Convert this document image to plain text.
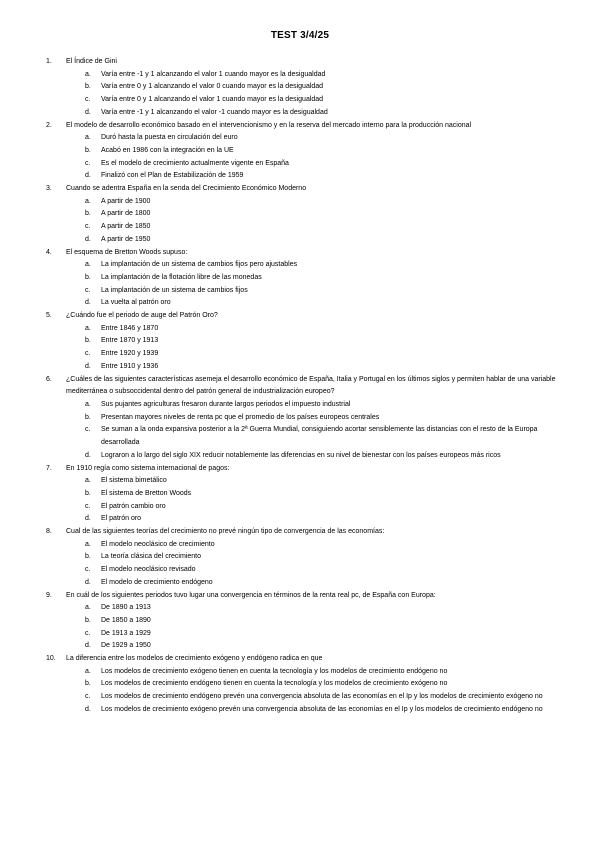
TEST 3/4/25
1.	El Índice de Gini
a.	Varía entre -1 y 1 alcanzando el valor 1 cuando mayor es la desigualdad
b.	Varía entre 0 y 1 alcanzando el valor 0 cuando mayor es la desigualdad
c.	Varía entre 0 y 1 alcanzando el valor 1 cuando mayor es la desigualdad
d.	Varía entre -1 y 1 alcanzando el valor -1 cuando mayor es la desigualdad
2.	El modelo de desarrollo económico basado en el intervencionismo y en la reserva del mercado interno para la producción nacional
a.	Duró hasta la puesta en circulación del euro
b.	Acabó en 1986 con la integración en la UE
c.	Es el modelo de crecimiento actualmente vigente en España
d.	Finalizó con el Plan de Estabilización de 1959
3.	Cuando se adentra España en la senda del Crecimiento Económico Moderno
a.	A partir de 1900
b.	A partir de 1800
c.	A partir de 1850
d.	A partir de 1950
4.	El esquema de Bretton Woods supuso:
a.	La implantación de un sistema de cambios fijos pero ajustables
b.	La implantación de la flotación libre de las monedas
c.	La implantación de un sistema de cambios fijos
d.	La vuelta al patrón oro
5.	¿Cuándo fue el periodo de auge del Patrón Oro?
a.	Entre 1846 y 1870
b.	Entre 1870 y 1913
c.	Entre 1920 y 1939
d.	Entre 1910 y 1936
6.	¿Cuáles de las siguientes características asemeja el desarrollo económico de España, Italia y Portugal en los últimos siglos y permiten hablar de una variable mediterránea o subsoccidental dentro del patrón general de industrialización europeo?
a.	Sus pujantes agriculturas fresaron durante largos periodos el impuesto industrial
b.	Presentan mayores niveles de renta pc que el promedio de los países europeos centrales
c.	Se suman a la onda expansiva posterior a la 2ª Guerra Mundial, consiguiendo acortar sensiblemente las distancias con el resto de la Europa desarrollada
d.	Lograron a lo largo del siglo XIX reducir notablemente las diferencias en su nivel de bienestar con los países europeos más ricos
7.	En 1910 regía como sistema internacional de pagos:
a.	El sistema bimetálico
b.	El sistema de Bretton Woods
c.	El patrón cambio oro
d.	El patrón oro
8.	Cual de las siguientes teorías del crecimiento no prevé ningún tipo de convergencia de las economías:
a.	El modelo neoclásico de crecimiento
b.	La teoría clásica del crecimiento
c.	El modelo neoclásico revisado
d.	El modelo de crecimiento endógeno
9.	En cuál de los siguientes periodos tuvo lugar una convergencia en términos de la renta real pc, de España con Europa:
a.	De 1890 a 1913
b.	De 1850 a 1890
c.	De 1913 a 1929
d.	De 1929 a 1950
10.	La diferencia entre los modelos de crecimiento exógeno y endógeno radica en que
a.	Los modelos de crecimiento exógeno tienen en cuenta la tecnología y los modelos de crecimiento endógeno no
b.	Los modelos de crecimiento endógeno tienen en cuenta la tecnología y los modelos de crecimiento exógeno no
c.	Los modelos de crecimiento endógeno prevén una convergencia absoluta de las economías en el Ip y los modelos de crecimiento exógeno no
d.	Los modelos de crecimiento exógeno prevén una convergencia absoluta de las economías en el Ip y los modelos de crecimiento endógeno no
